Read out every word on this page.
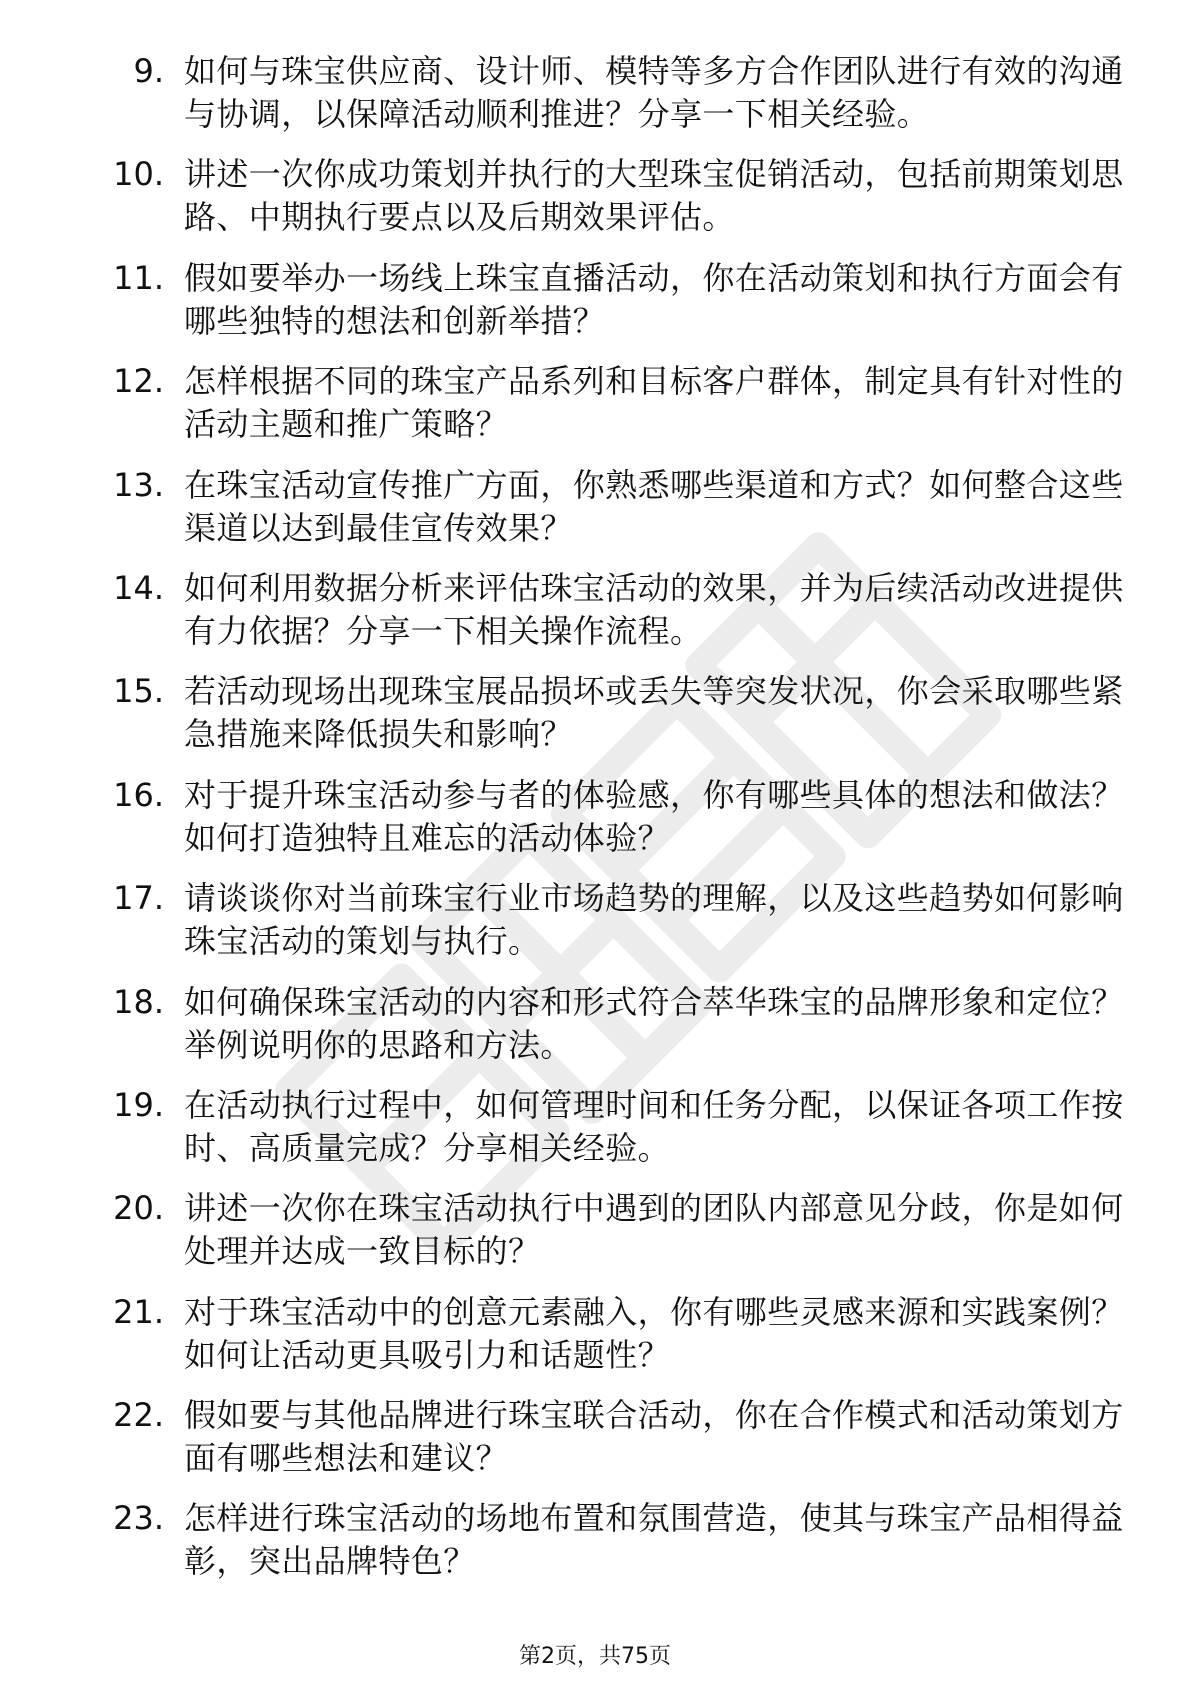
9. 如何与珠宝供应商、设计师、模特等多方合作团队进行有效的沟通与协调，以保障活动顺利推进？分享一下相关经验。
10. 讲述一次你成功策划并执行的大型珠宝促销活动，包括前期策划思路、中期执行要点以及后期效果评估。
11. 假如要举办一场线上珠宝直播活动，你在活动策划和执行方面会有哪些独特的想法和创新举措？
12. 怎样根据不同的珠宝产品系列和目标客户群体，制定具有针对性的活动主题和推广策略？
13. 在珠宝活动宣传推广方面，你熟悉哪些渠道和方式？如何整合这些渠道以达到最佳宣传效果？
14. 如何利用数据分析来评估珠宝活动的效果，并为后续活动改进提供有力依据？分享一下相关操作流程。
15. 若活动现场出现珠宝展品损坏或丢失等突发状况，你会采取哪些紧急措施来降低损失和影响？
16. 对于提升珠宝活动参与者的体验感，你有哪些具体的想法和做法？如何打造独特且难忘的活动体验？
17. 请谈谈你对当前珠宝行业市场趋势的理解，以及这些趋势如何影响珠宝活动的策划与执行。
18. 如何确保珠宝活动的内容和形式符合萃华珠宝的品牌形象和定位？举例说明你的思路和方法。
19. 在活动执行过程中，如何管理时间和任务分配，以保证各项工作按时、高质量完成？分享相关经验。
20. 讲述一次你在珠宝活动执行中遇到的团队内部意见分歧，你是如何处理并达成一致目标的？
21. 对于珠宝活动中的创意元素融入，你有哪些灵感来源和实践案例？如何让活动更具吸引力和话题性？
22. 假如要与其他品牌进行珠宝联合活动，你在合作模式和活动策划方面有哪些想法和建议？
23. 怎样进行珠宝活动的场地布置和氛围营造，使其与珠宝产品相得益彰，突出品牌特色？
第2页，共75页
